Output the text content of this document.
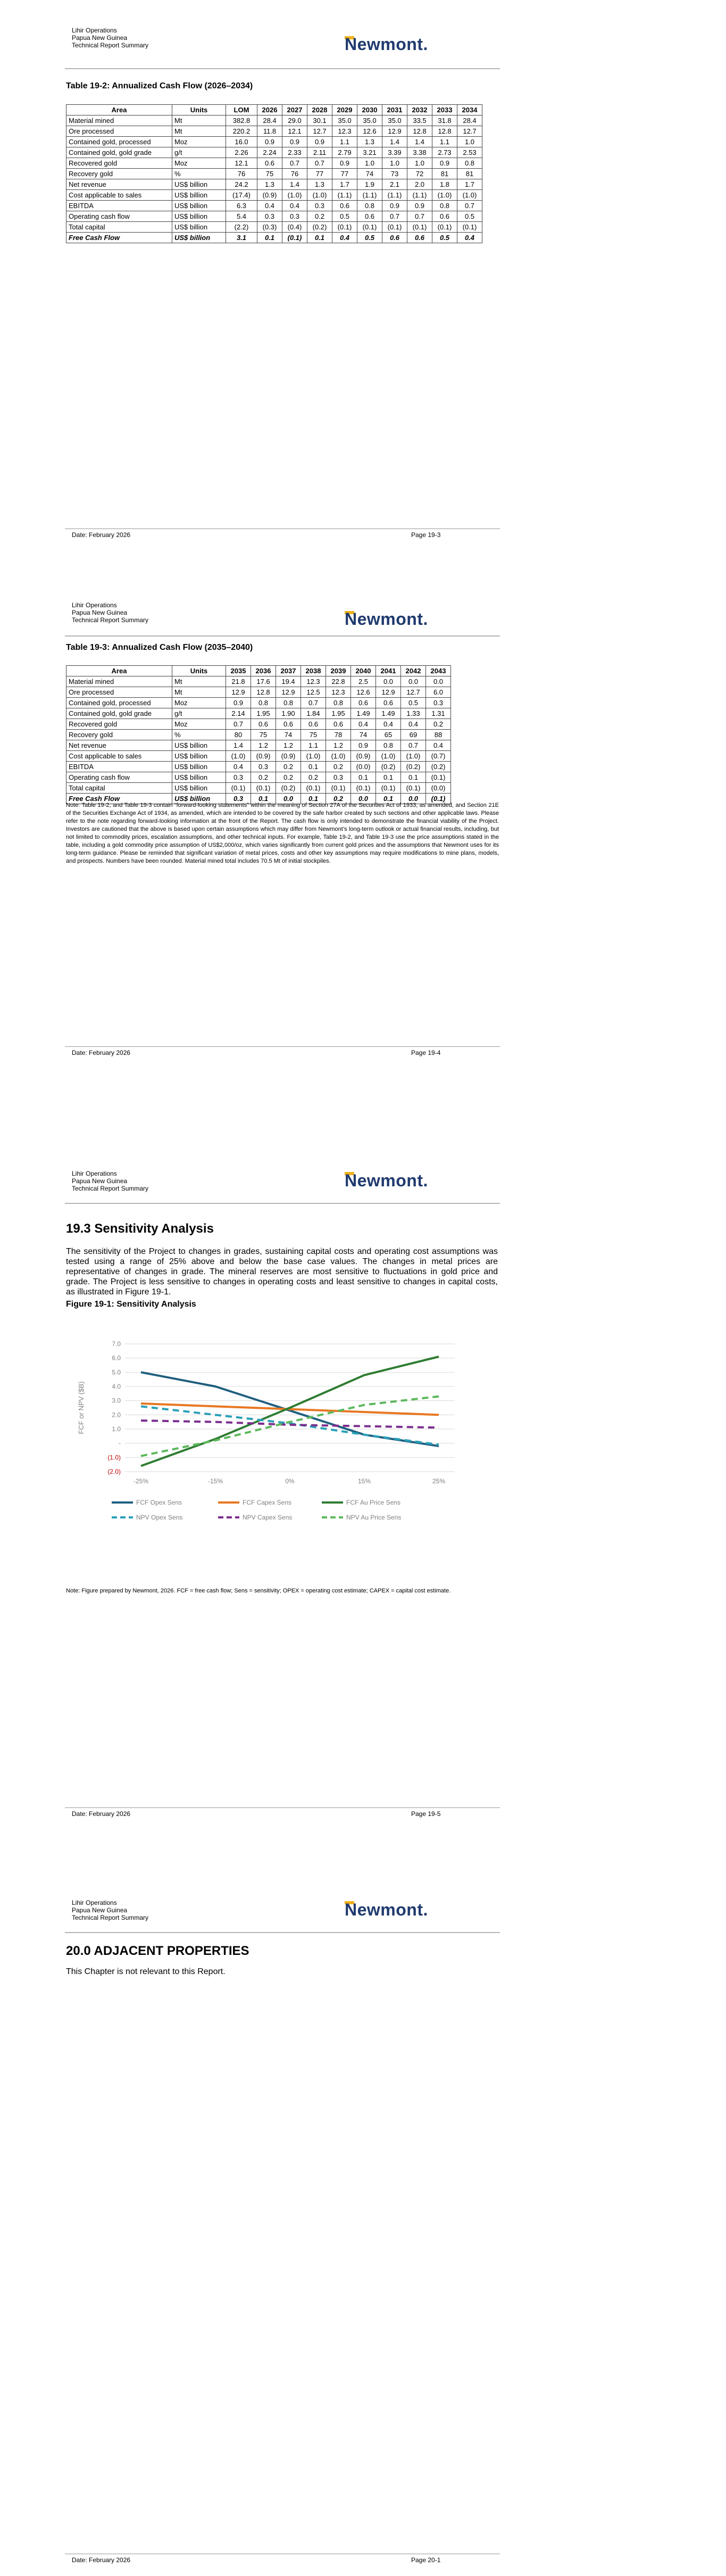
Lihir Operations
Papua New Guinea
Technical Report Summary	Newmont.
Table 19-2: Annualized Cash Flow (2026–2034)
Area	Units	LOM	2026	2027	2028	2029	2030	2031	2032	2033	2034
Material mined	Mt	382.8	28.4	29.0	30.1	35.0	35.0	35.0	33.5	31.8	28.4
Ore processed	Mt	220.2	11.8	12.1	12.7	12.3	12.6	12.9	12.8	12.8	12.7
Contained gold, processed	Moz	16.0	0.9	0.9	0.9	1.1	1.3	1.4	1.4	1.1	1.0
Contained gold, gold grade	g/t	2.26	2.24	2.33	2.11	2.79	3.21	3.39	3.38	2.73	2.53
Recovered gold	Moz	12.1	0.6	0.7	0.7	0.9	1.0	1.0	1.0	0.9	0.8
Recovery gold	%	76	75	76	77	77	74	73	72	81	81
Net revenue	US$ billion	24.2	1.3	1.4	1.3	1.7	1.9	2.1	2.0	1.8	1.7
Cost applicable to sales	US$ billion	(17.4)	(0.9)	(1.0)	(1.0)	(1.1)	(1.1)	(1.1)	(1.1)	(1.0)	(1.0)
EBITDA	US$ billion	6.3	0.4	0.4	0.3	0.6	0.8	0.9	0.9	0.8	0.7
Operating cash flow	US$ billion	5.4	0.3	0.3	0.2	0.5	0.6	0.7	0.7	0.6	0.5
Total capital	US$ billion	(2.2)	(0.3)	(0.4)	(0.2)	(0.1)	(0.1)	(0.1)	(0.1)	(0.1)	(0.1)
Free Cash Flow	US$ billion	3.1	0.1	(0.1)	0.1	0.4	0.5	0.6	0.6	0.5	0.4
Date: February 2026	Page 19-3
Lihir Operations
Papua New Guinea
Technical Report Summary	Newmont.
Table 19-3: Annualized Cash Flow (2035–2040)
Area	Units	2035	2036	2037	2038	2039	2040	2041	2042	2043
Material mined	Mt	21.8	17.6	19.4	12.3	22.8	2.5	0.0	0.0	0.0
Ore processed	Mt	12.9	12.8	12.9	12.5	12.3	12.6	12.9	12.7	6.0
Contained gold, processed	Moz	0.9	0.8	0.8	0.7	0.8	0.6	0.6	0.5	0.3
Contained gold, gold grade	g/t	2.14	1.95	1.90	1.84	1.95	1.49	1.49	1.33	1.31
Recovered gold	Moz	0.7	0.6	0.6	0.6	0.6	0.4	0.4	0.4	0.2
Recovery gold	%	80	75	74	75	78	74	65	69	88
Net revenue	US$ billion	1.4	1.2	1.2	1.1	1.2	0.9	0.8	0.7	0.4
Cost applicable to sales	US$ billion	(1.0)	(0.9)	(0.9)	(1.0)	(1.0)	(0.9)	(1.0)	(1.0)	(0.7)
EBITDA	US$ billion	0.4	0.3	0.2	0.1	0.2	(0.0)	(0.2)	(0.2)	(0.2)
Operating cash flow	US$ billion	0.3	0.2	0.2	0.2	0.3	0.1	0.1	0.1	(0.1)
Total capital	US$ billion	(0.1)	(0.1)	(0.2)	(0.1)	(0.1)	(0.1)	(0.1)	(0.1)	(0.0)
Free Cash Flow	US$ billion	0.3	0.1	0.0	0.1	0.2	0.0	0.1	0.0	(0.1)
Note: Table 19-2, and Table 19-3 contain “forward-looking statements” within the meaning of Section 27A of the Securities Act of 1933, as amended, and Section 21E of the Securities Exchange Act of 1934, as amended, which are intended to be covered by the safe harbor created by such sections and other applicable laws. Please refer to the note regarding forward-looking information at the front of the Report. The cash flow is only intended to demonstrate the financial viability of the Project. Investors are cautioned that the above is based upon certain assumptions which may differ from Newmont’s long-term outlook or actual financial results, including, but not limited to commodity prices, escalation assumptions, and other technical inputs. For example, Table 19-2, and Table 19-3 use the price assumptions stated in the table, including a gold commodity price assumption of US$2,000/oz, which varies significantly from current gold prices and the assumptions that Newmont uses for its long-term guidance. Please be reminded that significant variation of metal prices, costs and other key assumptions may require modifications to mine plans, models, and prospects. Numbers have been rounded. Material mined total includes 70.5 Mt of initial stockpiles.
Date: February 2026	Page 19-4
Lihir Operations
Papua New Guinea
Technical Report Summary	Newmont.
19.3 Sensitivity Analysis
The sensitivity of the Project to changes in grades, sustaining capital costs and operating cost assumptions was tested using a range of 25% above and below the base case values. The changes in metal prices are representative of changes in grade. The mineral reserves are most sensitive to fluctuations in gold price and grade. The Project is less sensitive to changes in operating costs and least sensitive to changes in capital costs, as illustrated in Figure 19-1.
Figure 19-1: Sensitivity Analysis
Note: Figure prepared by Newmont, 2026. FCF = free cash flow; Sens = sensitivity; OPEX = operating cost estimate; CAPEX = capital cost estimate.
Date: February 2026	Page 19-5
7.0
6.0
5.0
4.0
3.0
2.0
1.0
-
(1.0)
(2.0)
FCF or NPV ($B)
-25%	-15%	0%	15%	25%
FCF Opex Sens	FCF Capex Sens	FCF Au Price Sens
NPV Opex Sens	NPV Capex Sens	NPV Au Price Sens
Lihir Operations
Papua New Guinea
Technical Report Summary	Newmont.
20.0 ADJACENT PROPERTIES
This Chapter is not relevant to this Report.
Date: February 2026	Page 20-1
